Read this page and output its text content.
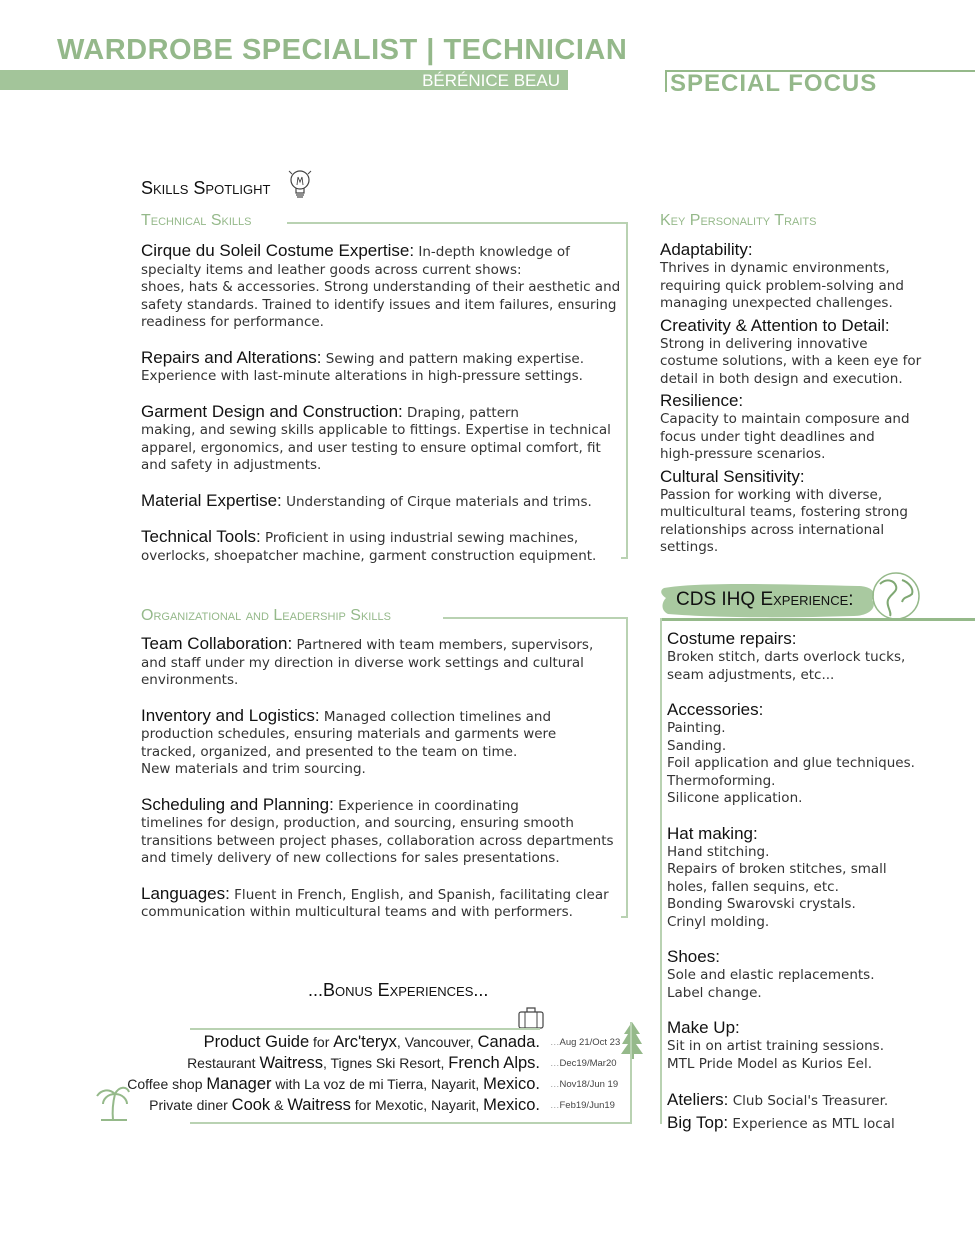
WARDROBE SPECIALIST | TECHNICIAN
BÉRÉNICE BEAU	SPECIAL FOCUS
Skills Spotlight
Technical Skills
Cirque du Soleil Costume Expertise: In-depth knowledge of
specialty items and leather goods across current shows:
shoes, hats & accessories. Strong understanding of their aesthetic and
safety standards. Trained to identify issues and item failures, ensuring
readiness for performance.
Repairs and Alterations: Sewing and pattern making expertise.
Experience with last-minute alterations in high-pressure settings.
Garment Design and Construction: Draping, pattern
making, and sewing skills applicable to fittings. Expertise in technical
apparel, ergonomics, and user testing to ensure optimal comfort, fit
and safety in adjustments.
Material Expertise: Understanding of Cirque materials and trims.
Technical Tools: Proficient in using industrial sewing machines,
overlocks, shoepatcher machine, garment construction equipment.
Organizational and Leadership Skills
Team Collaboration: Partnered with team members, supervisors,
and staff under my direction in diverse work settings and cultural
environments.
Inventory and Logistics: Managed collection timelines and
production schedules, ensuring materials and garments were
tracked, organized, and presented to the team on time.
New materials and trim sourcing.
Scheduling and Planning: Experience in coordinating
timelines for design, production, and sourcing, ensuring smooth
transitions between project phases, collaboration across departments
and timely delivery of new collections for sales presentations.
Languages: Fluent in French, English, and Spanish, facilitating clear
communication within multicultural teams and with performers.
Key Personality Traits
Adaptability:
Thrives in dynamic environments,
requiring quick problem-solving and
managing unexpected challenges.
Creativity & Attention to Detail:
Strong in delivering innovative
costume solutions, with a keen eye for
detail in both design and execution.
Resilience:
Capacity to maintain composure and
focus under tight deadlines and
high-pressure scenarios.
Cultural Sensitivity:
Passion for working with diverse,
multicultural teams, fostering strong
relationships across international
settings.
CDS IHQ Experience:
Costume repairs:
Broken stitch, darts overlock tucks,
seam adjustments, etc...
Accessories:
Painting.
Sanding.
Foil application and glue techniques.
Thermoforming.
Silicone application.
Hat making:
Hand stitching.
Repairs of broken stitches, small
holes, fallen sequins, etc.
Bonding Swarovski crystals.
Crinyl molding.
Shoes:
Sole and elastic replacements.
Label change.
Make Up:
Sit in on artist training sessions.
MTL Pride Model as Kurios Eel.
Ateliers: Club Social's Treasurer.
Big Top: Experience as MTL local
...Bonus Experiences...
Product Guide for Arc'teryx, Vancouver, Canada.
Restaurant Waitress, Tignes Ski Resort, French Alps.
Coffee shop Manager with La voz de mi Tierra, Nayarit, Mexico.
Private diner Cook & Waitress for Mexotic, Nayarit, Mexico.
…Aug 21/Oct 23
…Dec19/Mar20
…Nov18/Jun 19
…Feb19/Jun19
